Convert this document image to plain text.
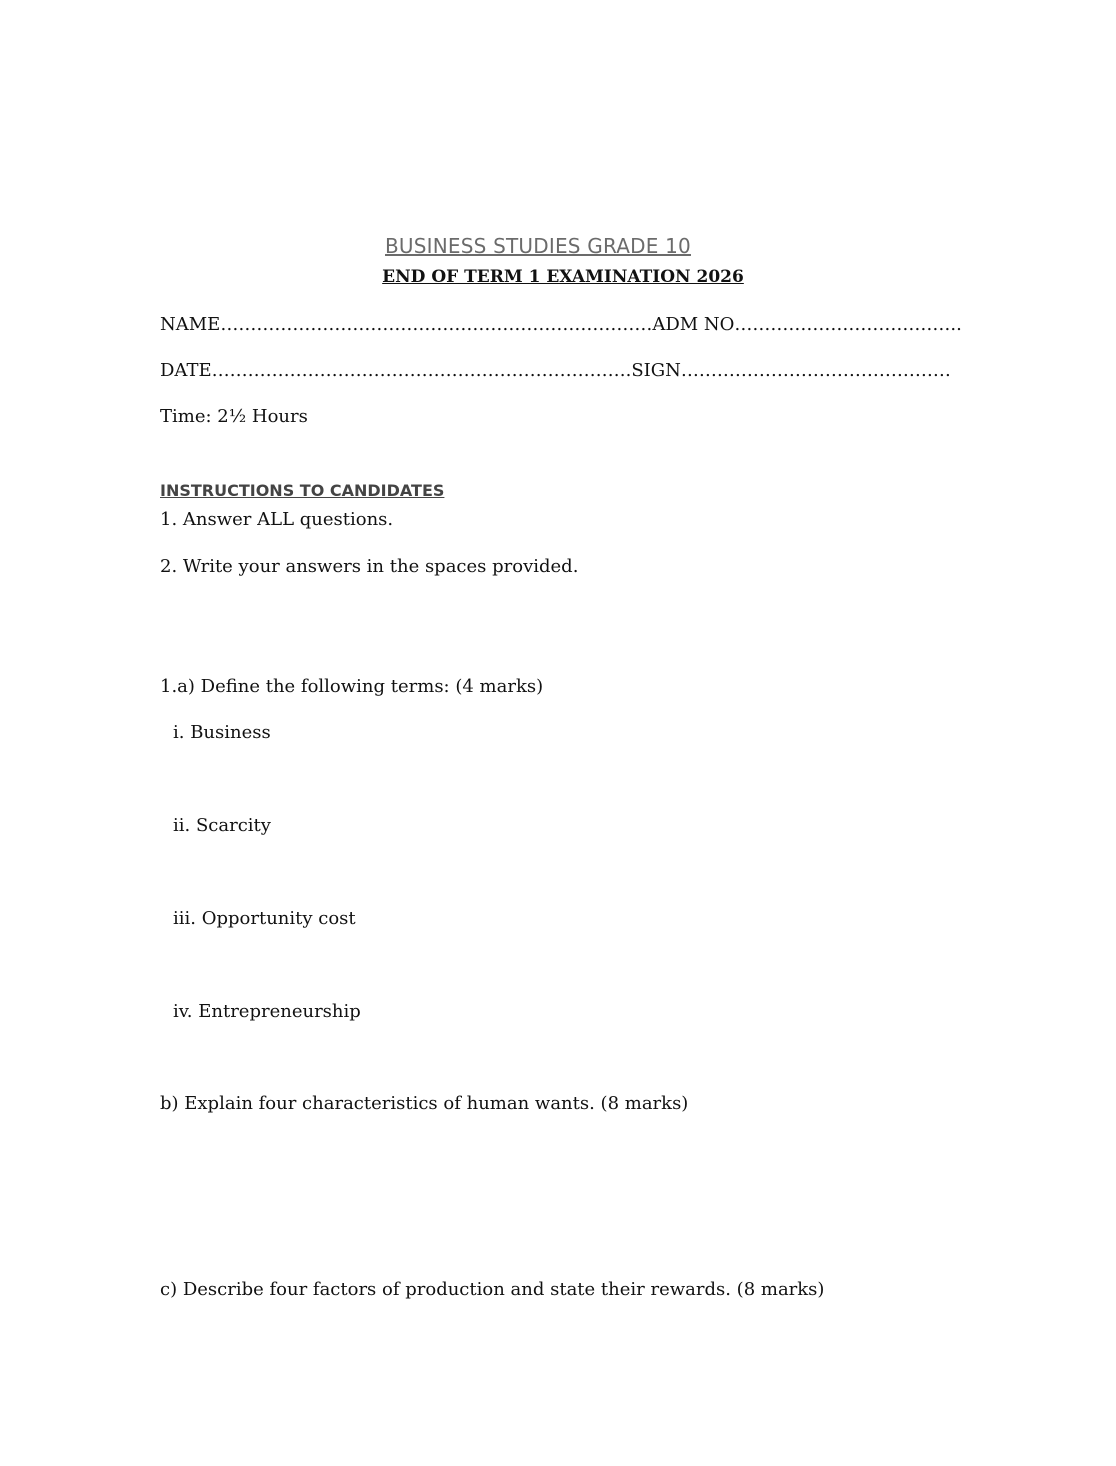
BUSINESS STUDIES GRADE 10
END OF TERM 1 EXAMINATION 2026
NAME………………………………………………………………ADM NO………………………………..
DATE…………………………………………………………….SIGN………………………………………
Time: 2½ Hours
INSTRUCTIONS TO CANDIDATES
1. Answer ALL questions.
2. Write your answers in the spaces provided.
1.a) Define the following terms: (4 marks)
i. Business
ii. Scarcity
iii. Opportunity cost
iv. Entrepreneurship
b) Explain four characteristics of human wants. (8 marks)
c) Describe four factors of production and state their rewards. (8 marks)
